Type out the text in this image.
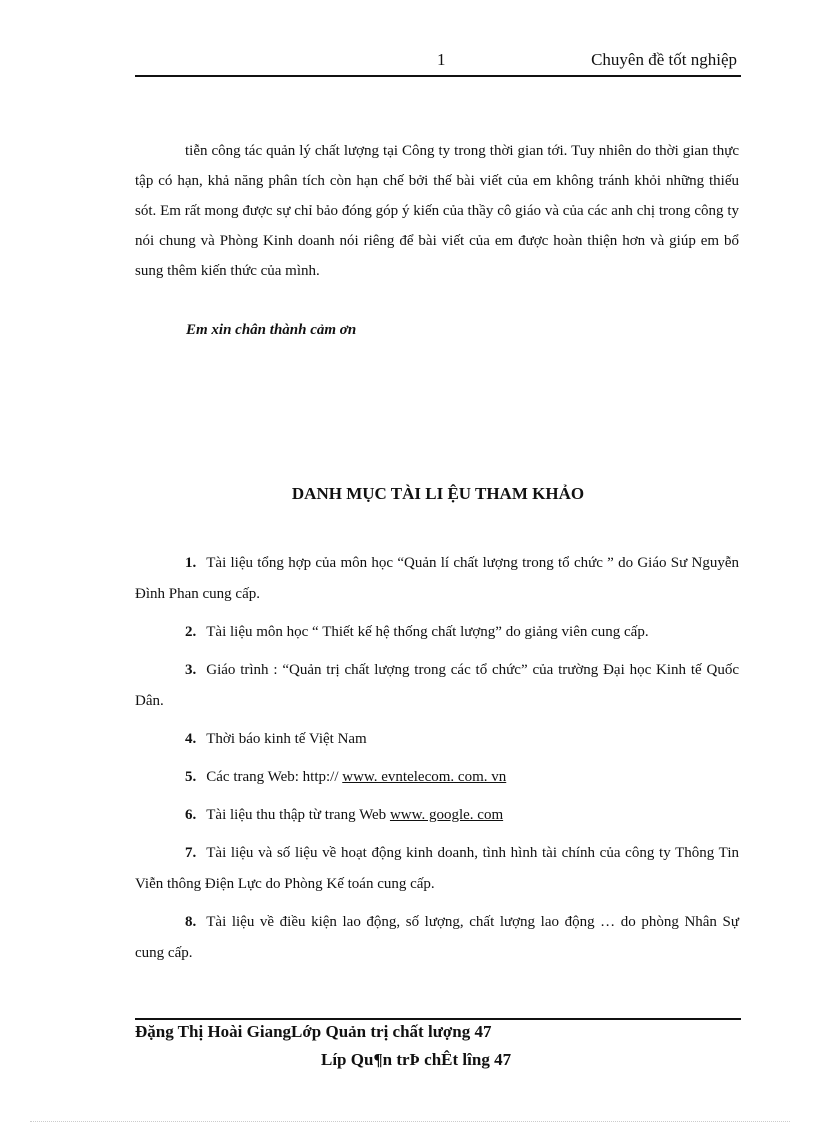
1	Chuyên đề tốt nghiệp

tiễn công tác quản lý chất lượng tại Công ty trong thời gian tới. Tuy nhiên do thời gian thực tập có hạn, khả năng phân tích còn hạn chế bởi thế bài viết của em không tránh khỏi những thiếu sót. Em rất mong được sự chỉ bảo đóng góp ý kiến của thầy cô giáo và của các anh chị trong công ty nói chung và Phòng Kinh doanh nói riêng để bài viết của em được hoàn thiện hơn và giúp em bổ sung thêm kiến thức của mình.

Em xin chân thành cảm ơn
DANH MỤC TÀI LI ỆU THAM KHẢO
1. Tài liệu tổng hợp của môn học “Quản lí chất lượng trong tổ chức ” do Giáo Sư Nguyễn Đình Phan cung cấp.
2. Tài liệu môn học “ Thiết kế hệ thống chất lượng” do giảng viên cung cấp.
3. Giáo trình : “Quản trị chất lượng trong các tổ chức” của trường Đại học Kinh tế Quốc Dân.
4. Thời báo kinh tế Việt Nam
5. Các trang Web: http:// www. evntelecom. com. vn
6. Tài liệu thu thập từ trang Web www. google. com
7. Tài liệu và số liệu về hoạt động kinh doanh, tình hình tài chính của công ty Thông Tin Viễn thông Điện Lực do Phòng Kế toán cung cấp.
8. Tài liệu về điều kiện lao động, số lượng, chất lượng lao động … do phòng Nhân Sự cung cấp.
Đặng Thị Hoài GiangLớp Quản trị chất lượng 47
Líp Qu¶n trÞ chÊt lîng 47
